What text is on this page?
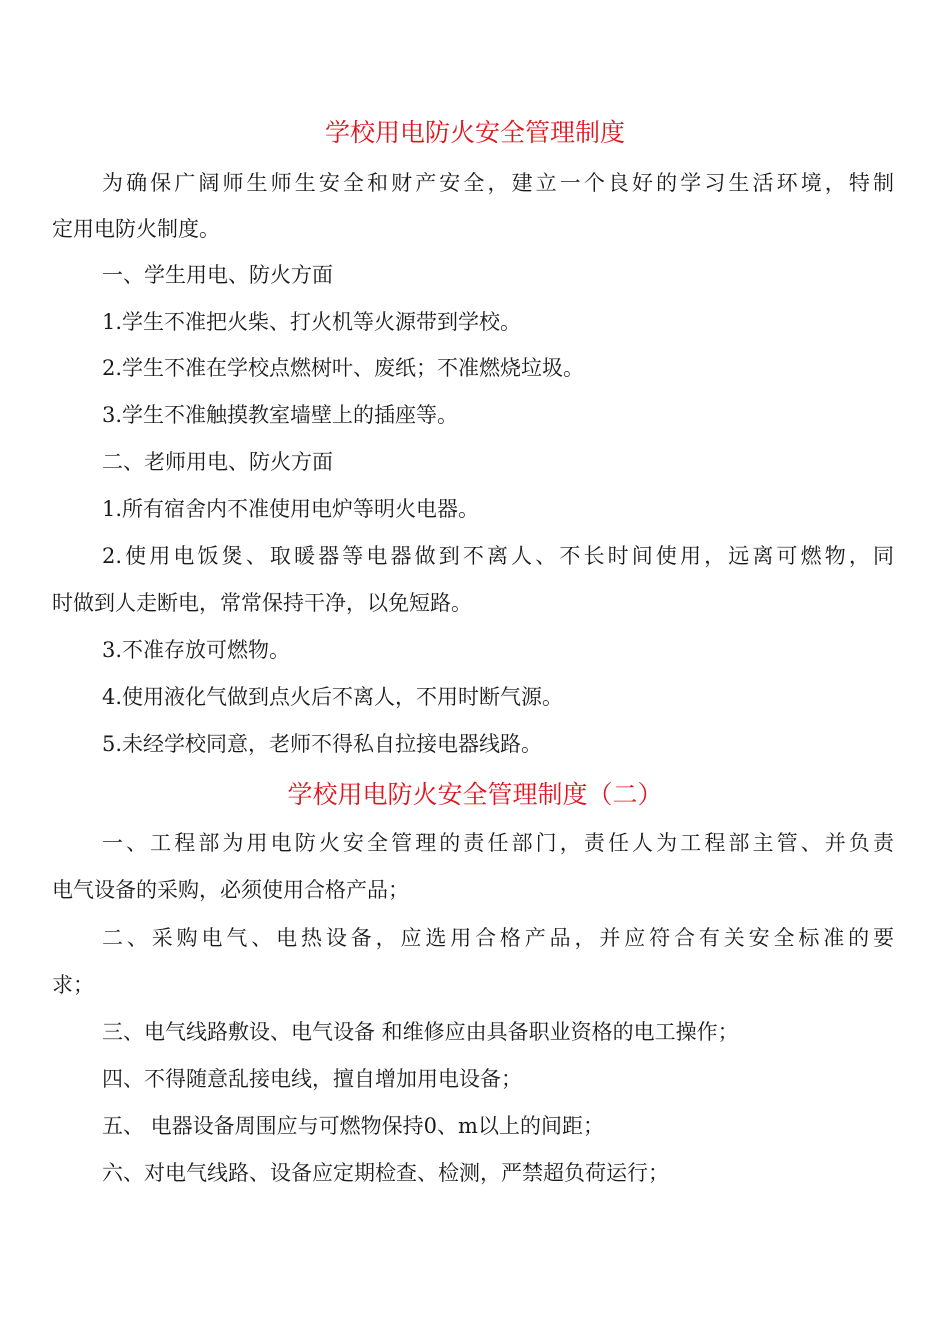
学校用电防火安全管理制度
为确保广阔师生师生安全和财产安全，建立一个良好的学习生活环境，特制
定用电防火制度。
一、学生用电、防火方面
1.学生不准把火柴、打火机等火源带到学校。
2.学生不准在学校点燃树叶、废纸；不准燃烧垃圾。
3.学生不准触摸教室墙壁上的插座等。
二、老师用电、防火方面
1.所有宿舍内不准使用电炉等明火电器。
2.使用电饭煲、取暖器等电器做到不离人、不长时间使用，远离可燃物，同
时做到人走断电，常常保持干净，以免短路。
3.不准存放可燃物。
4.使用液化气做到点火后不离人，不用时断气源。
5.未经学校同意，老师不得私自拉接电器线路。
学校用电防火安全管理制度（二）
一、工程部为用电防火安全管理的责任部门，责任人为工程部主管、并负责
电气设备的采购，必须使用合格产品；
二、采购电气、电热设备，应选用合格产品，并应符合有关安全标准的要
求；
三、电气线路敷设、电气设备 和维修应由具备职业资格的电工操作；
四、不得随意乱接电线，擅自增加用电设备；
五、 电器设备周围应与可燃物保持0、m以上的间距；
六、对电气线路、设备应定期检查、检测，严禁超负荷运行；
